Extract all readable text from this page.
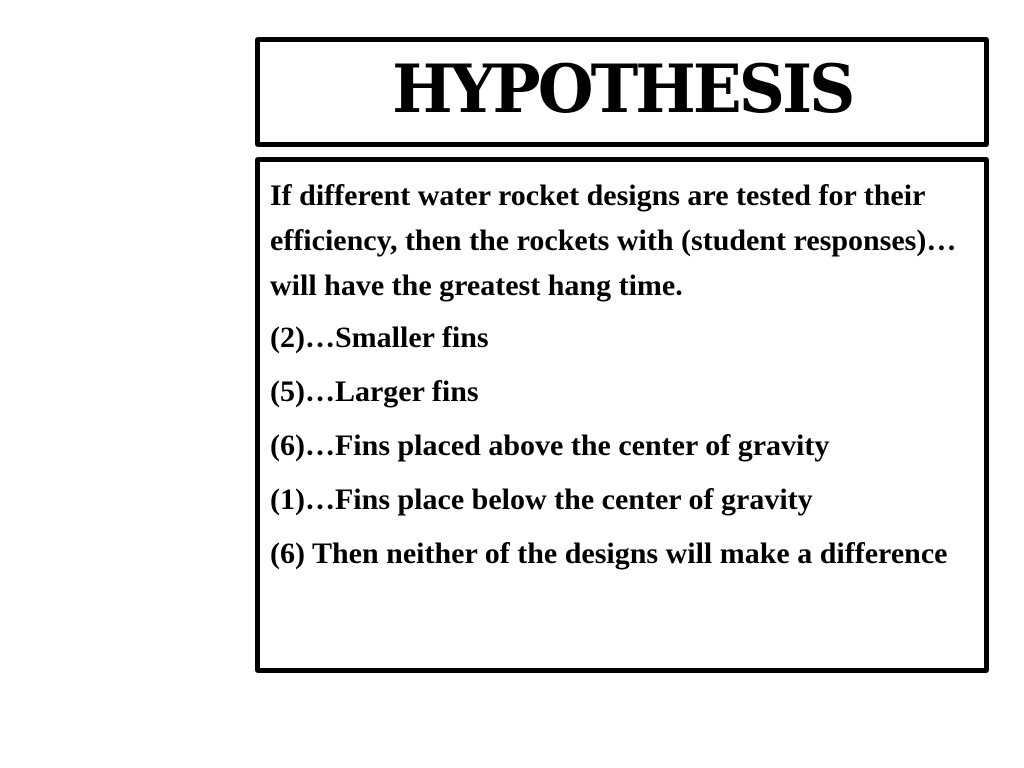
HYPOTHESIS

If different water rocket designs are tested for their efficiency, then the rockets with (student responses)… will have the greatest hang time.

(2)…Smaller fins

(5)…Larger fins

(6)…Fins placed above the center of gravity

(1)…Fins place below the center of gravity

(6) Then neither of the designs will make a difference
